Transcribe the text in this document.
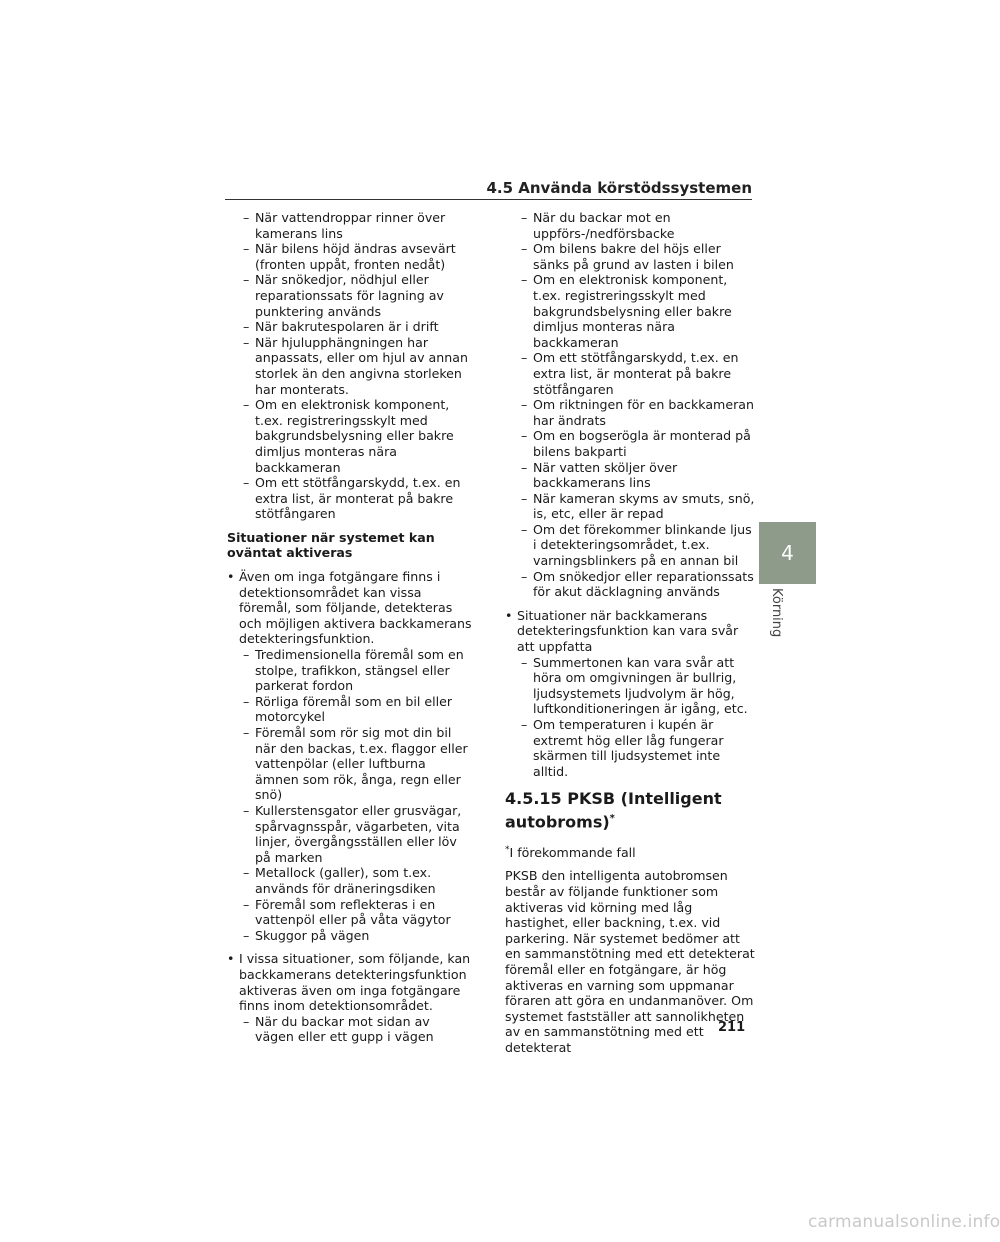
4.5 Använda körstödssystemen

– När vattendroppar rinner över kamerans lins

– När bilens höjd ändras avsevärt (fronten uppåt, fronten nedåt)

– När snökedjor, nödhjul eller reparationssats för lagning av punktering används

– När bakrutespolaren är i drift

– När hjulupphängningen har anpassats, eller om hjul av annan storlek än den angivna storleken har monterats.

– Om en elektronisk komponent, t.ex. registreringsskylt med bakgrundsbelysning eller bakre dimljus monteras nära backkameran

– Om ett stötfångarskydd, t.ex. en extra list, är monterat på bakre stötfångaren

Situationer när systemet kan oväntat aktiveras

• Även om inga fotgängare finns i detektionsområdet kan vissa föremål, som följande, detekteras och möjligen aktivera backkamerans detekteringsfunktion.

– Tredimensionella föremål som en stolpe, trafikkon, stängsel eller parkerat fordon

– Rörliga föremål som en bil eller motorcykel

– Föremål som rör sig mot din bil när den backas, t.ex. flaggor eller vattenpölar (eller luftburna ämnen som rök, ånga, regn eller snö)

– Kullerstensgator eller grusvägar, spårvagnsspår, vägarbeten, vita linjer, övergångsställen eller löv på marken

– Metallock (galler), som t.ex. används för dräneringsdiken

– Föremål som reflekteras i en vattenpöl eller på våta vägytor

– Skuggor på vägen

• I vissa situationer, som följande, kan backkamerans detekteringsfunktion aktiveras även om inga fotgängare finns inom detektionsområdet.

– När du backar mot sidan av vägen eller ett gupp i vägen

– När du backar mot en uppförs-/nedförsbacke

– Om bilens bakre del höjs eller sänks på grund av lasten i bilen

– Om en elektronisk komponent, t.ex. registreringsskylt med bakgrundsbelysning eller bakre dimljus monteras nära backkameran

– Om ett stötfångarskydd, t.ex. en extra list, är monterat på bakre stötfångaren

– Om riktningen för en backkameran har ändrats

– Om en bogserögla är monterad på bilens bakparti

– När vatten sköljer över backkamerans lins

– När kameran skyms av smuts, snö, is, etc, eller är repad

– Om det förekommer blinkande ljus i detekteringsområdet, t.ex. varningsblinkers på en annan bil

– Om snökedjor eller reparationssats för akut däcklagning används

• Situationer när backkamerans detekteringsfunktion kan vara svår att uppfatta

– Summertonen kan vara svår att höra om omgivningen är bullrig, ljudsystemets ljudvolym är hög, luftkonditioneringen är igång, etc.

– Om temperaturen i kupén är extremt hög eller låg fungerar skärmen till ljudsystemet inte alltid.

4.5.15 PKSB (Intelligent autobroms)*

*I förekommande fall

PKSB den intelligenta autobromsen består av följande funktioner som aktiveras vid körning med låg hastighet, eller backning, t.ex. vid parkering. När systemet bedömer att en sammanstötning med ett detekterat föremål eller en fotgängare, är hög aktiveras en varning som uppmanar föraren att göra en undanmanöver. Om systemet fastställer att sannolikheten av en sammanstötning med ett detekterat

211
4
Körning
carmanualsonline.info
